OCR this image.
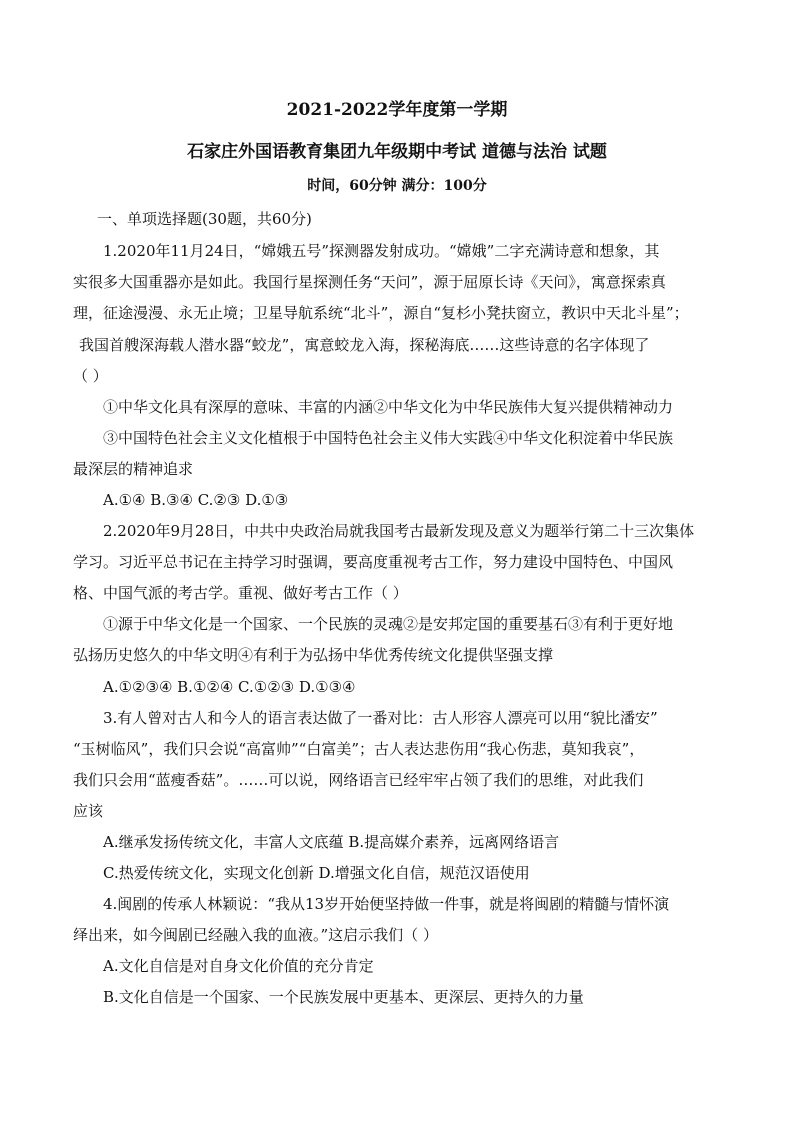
2021-2022学年度第一学期
石家庄外国语教育集团九年级期中考试 道德与法治 试题
时间，60分钟 满分：100分
一、单项选择题(30题，共60分)
1.2020年11月24日，“嫦娥五号”探测器发射成功。“嫦娥”二字充满诗意和想象，其
实很多大国重器亦是如此。我国行星探测任务“天问”，源于屈原长诗《天问》，寓意探索真
理，征途漫漫、永无止境；卫星导航系统“北斗”，源自“复杉小凳扶窗立，教识中天北斗星”；
我国首艘深海载人潜水器“蛟龙”，寓意蛟龙入海，探秘海底……这些诗意的名字体现了
（ ）
①中华文化具有深厚的意味、丰富的内涵②中华文化为中华民族伟大复兴提供精神动力
③中国特色社会主义文化植根于中国特色社会主义伟大实践④中华文化积淀着中华民族
最深层的精神追求
A.①④ B.③④ C.②③ D.①③
2.2020年9月28日，中共中央政治局就我国考古最新发现及意义为题举行第二十三次集体
学习。习近平总书记在主持学习时强调，要高度重视考古工作，努力建设中国特色、中国风
格、中国气派的考古学。重视、做好考古工作（ ）
①源于中华文化是一个国家、一个民族的灵魂②是安邦定国的重要基石③有利于更好地
弘扬历史悠久的中华文明④有利于为弘扬中华优秀传统文化提供坚强支撑
A.①②③④ B.①②④ C.①②③ D.①③④
3.有人曾对古人和今人的语言表达做了一番对比：古人形容人漂亮可以用“貌比潘安”
“玉树临风”，我们只会说“高富帅”“白富美”；古人表达悲伤用“我心伤悲，莫知我哀”，
我们只会用“蓝瘦香菇”。……可以说，网络语言已经牢牢占领了我们的思维，对此我们
应该
A.继承发扬传统文化，丰富人文底蕴 B.提高媒介素养，远离网络语言
C.热爱传统文化，实现文化创新 D.增强文化自信，规范汉语使用
4.闽剧的传承人林颖说：“我从13岁开始便坚持做一件事，就是将闽剧的精髓与情怀演
绎出来，如今闽剧已经融入我的血液。”这启示我们（ ）
A.文化自信是对自身文化价值的充分肯定
B.文化自信是一个国家、一个民族发展中更基本、更深层、更持久的力量
